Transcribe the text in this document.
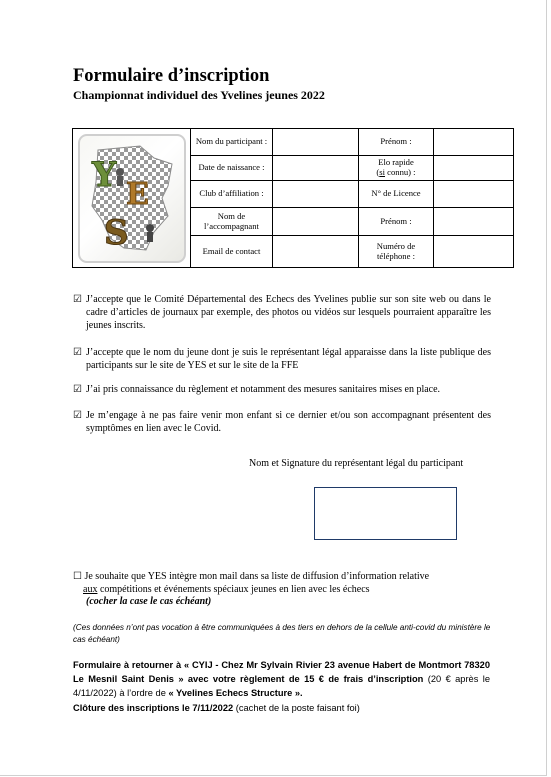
Formulaire d’inscription
Championnat individuel des Yvelines jeunes 2022
Y E
S	Nom du participant :		Prénom :	
	Date de naissance :		Elo rapide
(si connu) :	
	Club d’affiliation :		N° de Licence	
	Nom de l’accompagnant		Prénom :	
	Email de contact		Numéro de téléphone :	
☑ J’accepte que le Comité Départemental des Echecs des Yvelines publie sur son site web ou dans le cadre d’articles de journaux par exemple, des photos ou vidéos sur lesquels pourraient apparaître les jeunes inscrits.
☑ J’accepte que le nom du jeune dont je suis le représentant légal apparaisse dans la liste publique des participants sur le site de YES et sur le site de la FFE
☑ J’ai pris connaissance du règlement et notamment des mesures sanitaires mises en place.
☑ Je m’engage à ne pas faire venir mon enfant si ce dernier et/ou son accompagnant présentent des symptômes en lien avec le Covid.
Nom et Signature du représentant légal du participant
☐ Je souhaite que YES intègre mon mail dans sa liste de diffusion d’information relative
aux compétitions et événements spéciaux jeunes en lien avec les échecs
(cocher la case le cas échéant)
(Ces données n’ont pas vocation à être communiquées à des tiers en dehors de la cellule anti-covid du ministère le cas échéant)
Formulaire à retourner à « CYIJ - Chez Mr Sylvain Rivier 23 avenue Habert de Montmort 78320 Le Mesnil Saint Denis » avec votre règlement de 15 € de frais d’inscription (20 € après le 4/11/2022) à l’ordre de « Yvelines Echecs Structure ».
Clôture des inscriptions le 7/11/2022 (cachet de la poste faisant foi)
